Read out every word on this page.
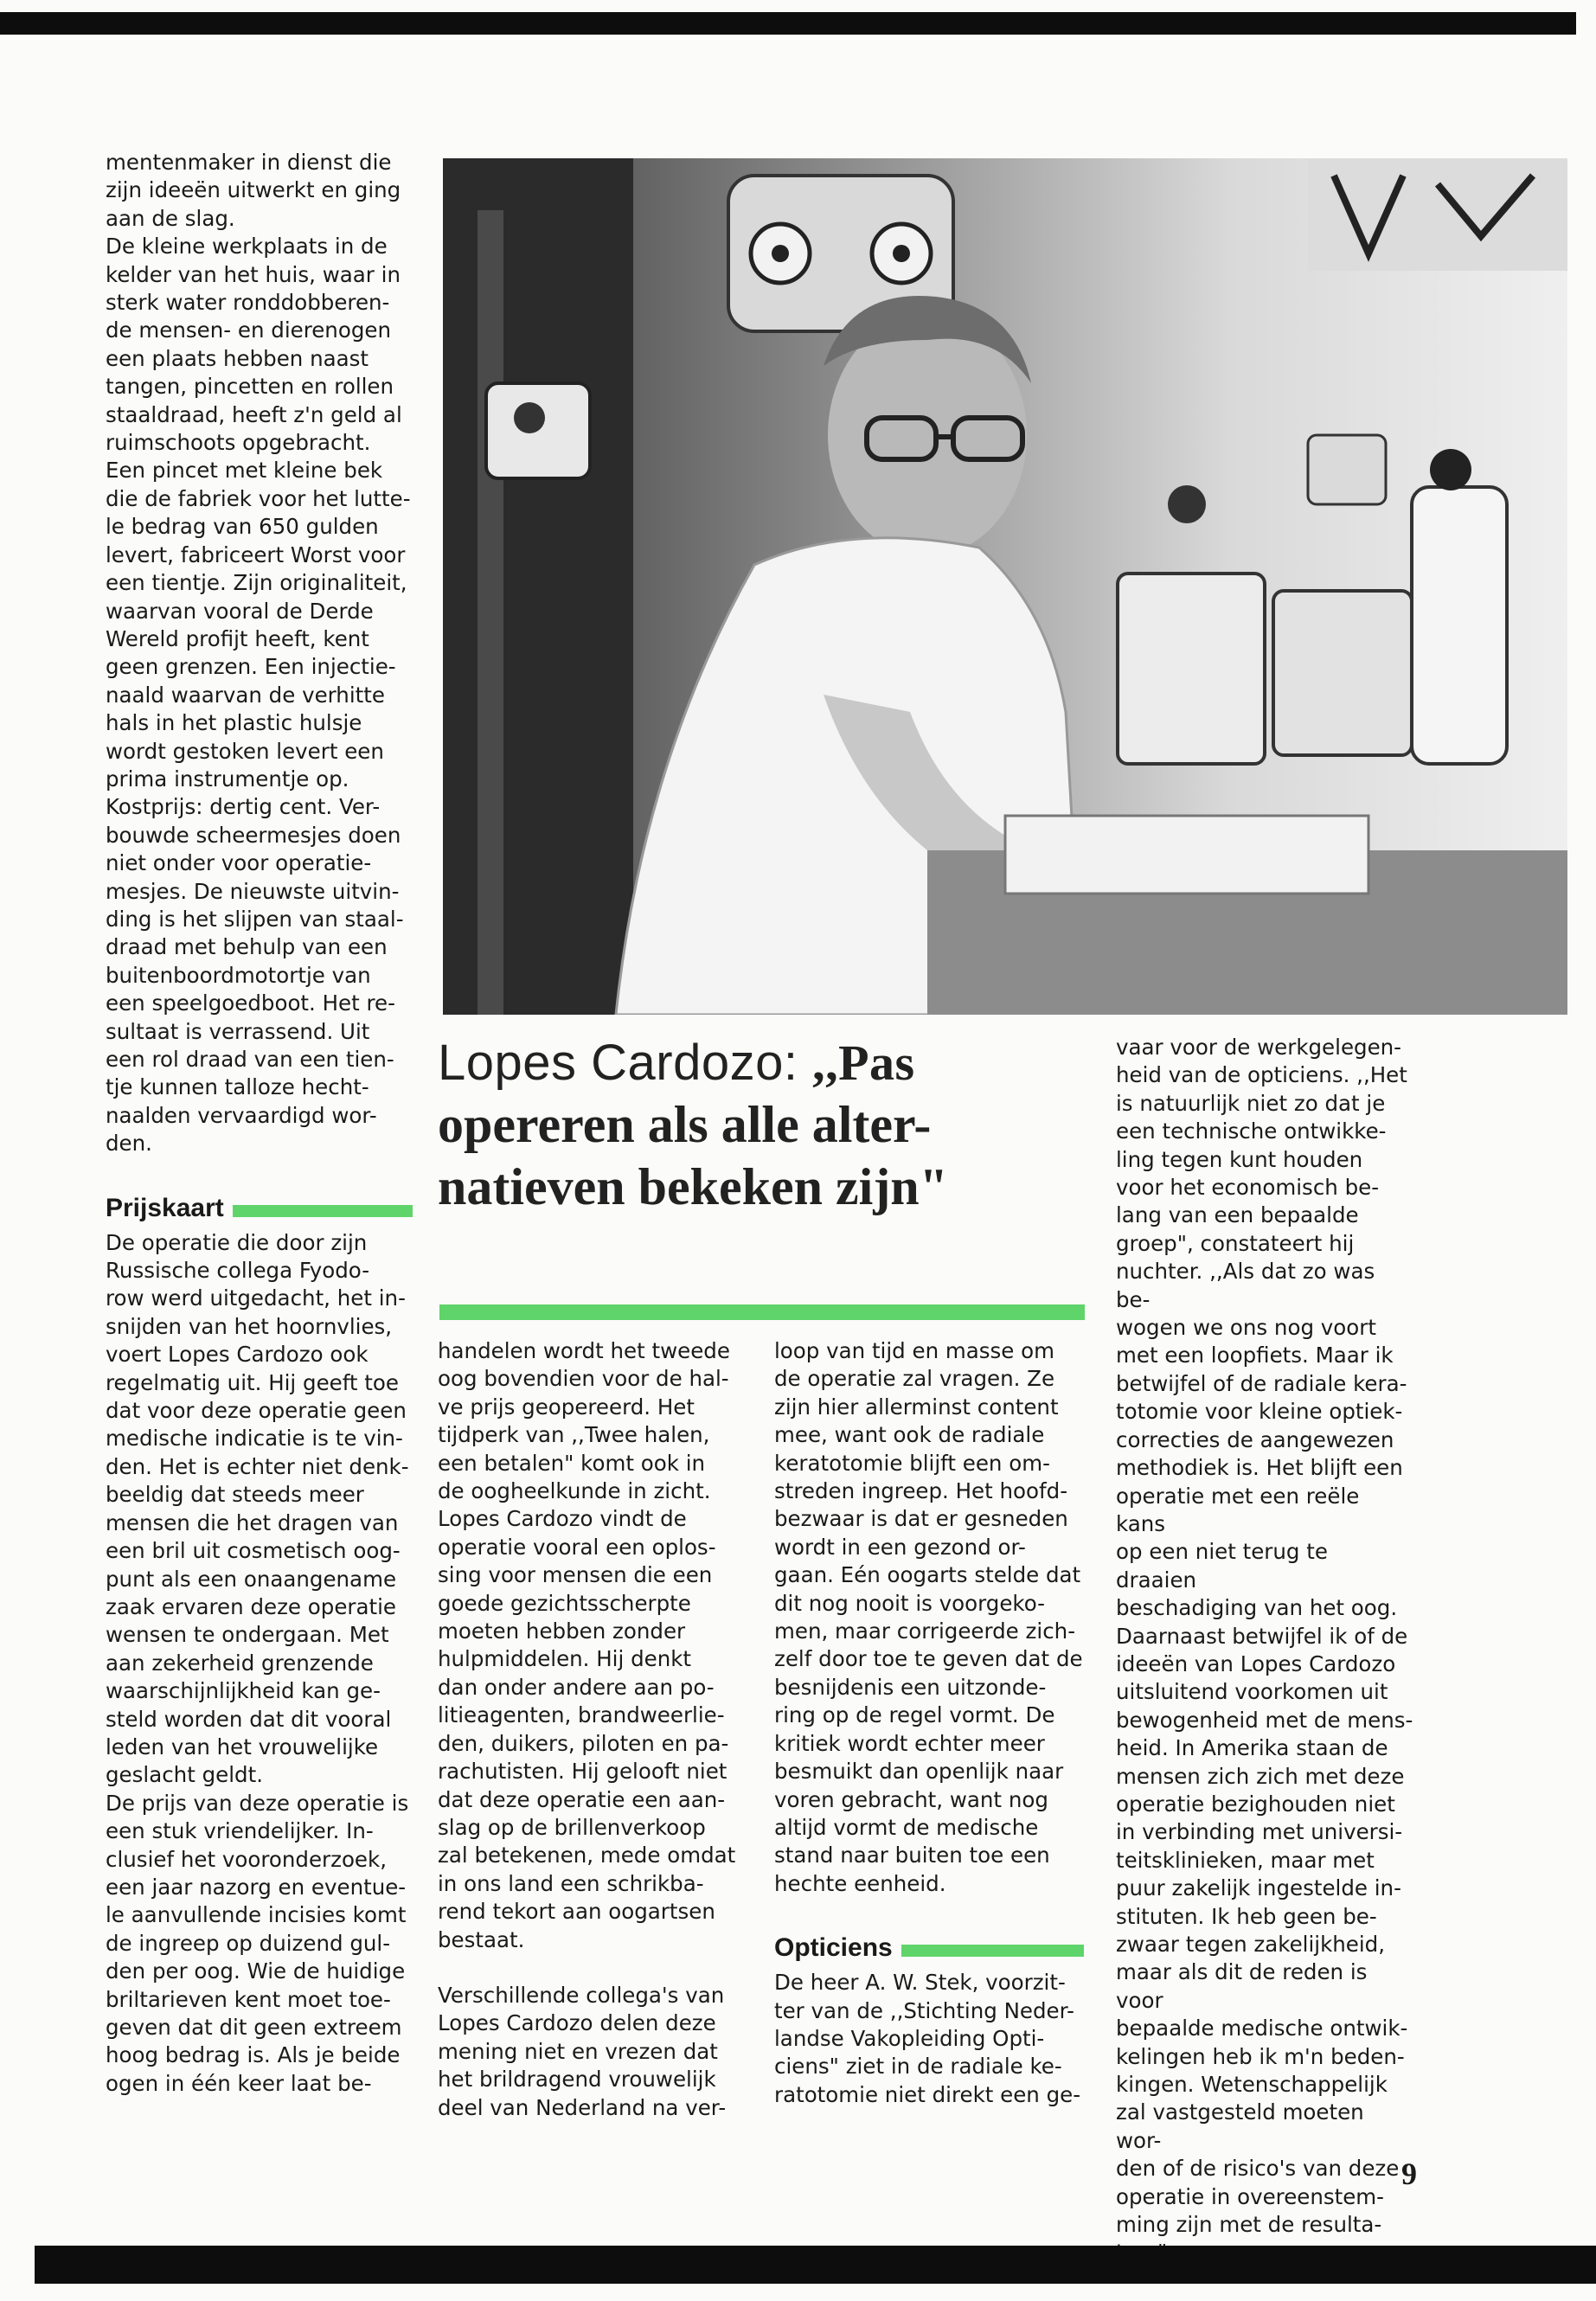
mentenmaker in dienst die
zijn ideeën uitwerkt en ging
aan de slag.
De kleine werkplaats in de
kelder van het huis, waar in
sterk water ronddobberen-
de mensen- en dierenogen
een plaats hebben naast
tangen, pincetten en rollen
staaldraad, heeft z'n geld al
ruimschoots opgebracht.
Een pincet met kleine bek
die de fabriek voor het lutte-
le bedrag van 650 gulden
levert, fabriceert Worst voor
een tientje. Zijn originaliteit,
waarvan vooral de Derde
Wereld profijt heeft, kent
geen grenzen. Een injectie-
naald waarvan de verhitte
hals in het plastic hulsje
wordt gestoken levert een
prima instrumentje op.
Kostprijs: dertig cent. Ver-
bouwde scheermesjes doen
niet onder voor operatie-
mesjes. De nieuwste uitvin-
ding is het slijpen van staal-
draad met behulp van een
buitenboordmotortje van
een speelgoedboot. Het re-
sultaat is verrassend. Uit
een rol draad van een tien-
tje kunnen talloze hecht-
naalden vervaardigd wor-
den.
Prijskaart
De operatie die door zijn
Russische collega Fyodo-
row werd uitgedacht, het in-
snijden van het hoornvlies,
voert Lopes Cardozo ook
regelmatig uit. Hij geeft toe
dat voor deze operatie geen
medische indicatie is te vin-
den. Het is echter niet denk-
beeldig dat steeds meer
mensen die het dragen van
een bril uit cosmetisch oog-
punt als een onaangename
zaak ervaren deze operatie
wensen te ondergaan. Met
aan zekerheid grenzende
waarschijnlijkheid kan ge-
steld worden dat dit vooral
leden van het vrouwelijke
geslacht geldt.
De prijs van deze operatie is
een stuk vriendelijker. In-
clusief het vooronderzoek,
een jaar nazorg en eventue-
le aanvullende incisies komt
de ingreep op duizend gul-
den per oog. Wie de huidige
briltarieven kent moet toe-
geven dat dit geen extreem
hoog bedrag is. Als je beide
ogen in één keer laat be-
Lopes Cardozo: ,,Pas
opereren als alle alter-
natieven bekeken zijn"
handelen wordt het tweede
oog bovendien voor de hal-
ve prijs geopereerd. Het
tijdperk van ,,Twee halen,
een betalen" komt ook in
de oogheelkunde in zicht.
Lopes Cardozo vindt de
operatie vooral een oplos-
sing voor mensen die een
goede gezichtsscherpte
moeten hebben zonder
hulpmiddelen. Hij denkt
dan onder andere aan po-
litieagenten, brandweerlie-
den, duikers, piloten en pa-
rachutisten. Hij gelooft niet
dat deze operatie een aan-
slag op de brillenverkoop
zal betekenen, mede omdat
in ons land een schrikba-
rend tekort aan oogartsen
bestaat.
Verschillende collega's van
Lopes Cardozo delen deze
mening niet en vrezen dat
het brildragend vrouwelijk
deel van Nederland na ver-
loop van tijd en masse om
de operatie zal vragen. Ze
zijn hier allerminst content
mee, want ook de radiale
keratotomie blijft een om-
streden ingreep. Het hoofd-
bezwaar is dat er gesneden
wordt in een gezond or-
gaan. Eén oogarts stelde dat
dit nog nooit is voorgeko-
men, maar corrigeerde zich-
zelf door toe te geven dat de
besnijdenis een uitzonde-
ring op de regel vormt. De
kritiek wordt echter meer
besmuikt dan openlijk naar
voren gebracht, want nog
altijd vormt de medische
stand naar buiten toe een
hechte eenheid.
Opticiens
De heer A. W. Stek, voorzit-
ter van de ,,Stichting Neder-
landse Vakopleiding Opti-
ciens" ziet in de radiale ke-
ratotomie niet direkt een ge-
vaar voor de werkgelegen-
heid van de opticiens. ,,Het
is natuurlijk niet zo dat je
een technische ontwikke-
ling tegen kunt houden
voor het economisch be-
lang van een bepaalde
groep", constateert hij
nuchter. ,,Als dat zo was be-
wogen we ons nog voort
met een loopfiets. Maar ik
betwijfel of de radiale kera-
totomie voor kleine optiek-
correcties de aangewezen
methodiek is. Het blijft een
operatie met een reële kans
op een niet terug te draaien
beschadiging van het oog.
Daarnaast betwijfel ik of de
ideeën van Lopes Cardozo
uitsluitend voorkomen uit
bewogenheid met de mens-
heid. In Amerika staan de
mensen zich zich met deze
operatie bezighouden niet
in verbinding met universi-
teitsklinieken, maar met
puur zakelijk ingestelde in-
stituten. Ik heb geen be-
zwaar tegen zakelijkheid,
maar als dit de reden is voor
bepaalde medische ontwik-
kelingen heb ik m'n beden-
kingen. Wetenschappelijk
zal vastgesteld moeten wor-
den of de risico's van deze
operatie in overeenstem-
ming zijn met de resulta-
9
